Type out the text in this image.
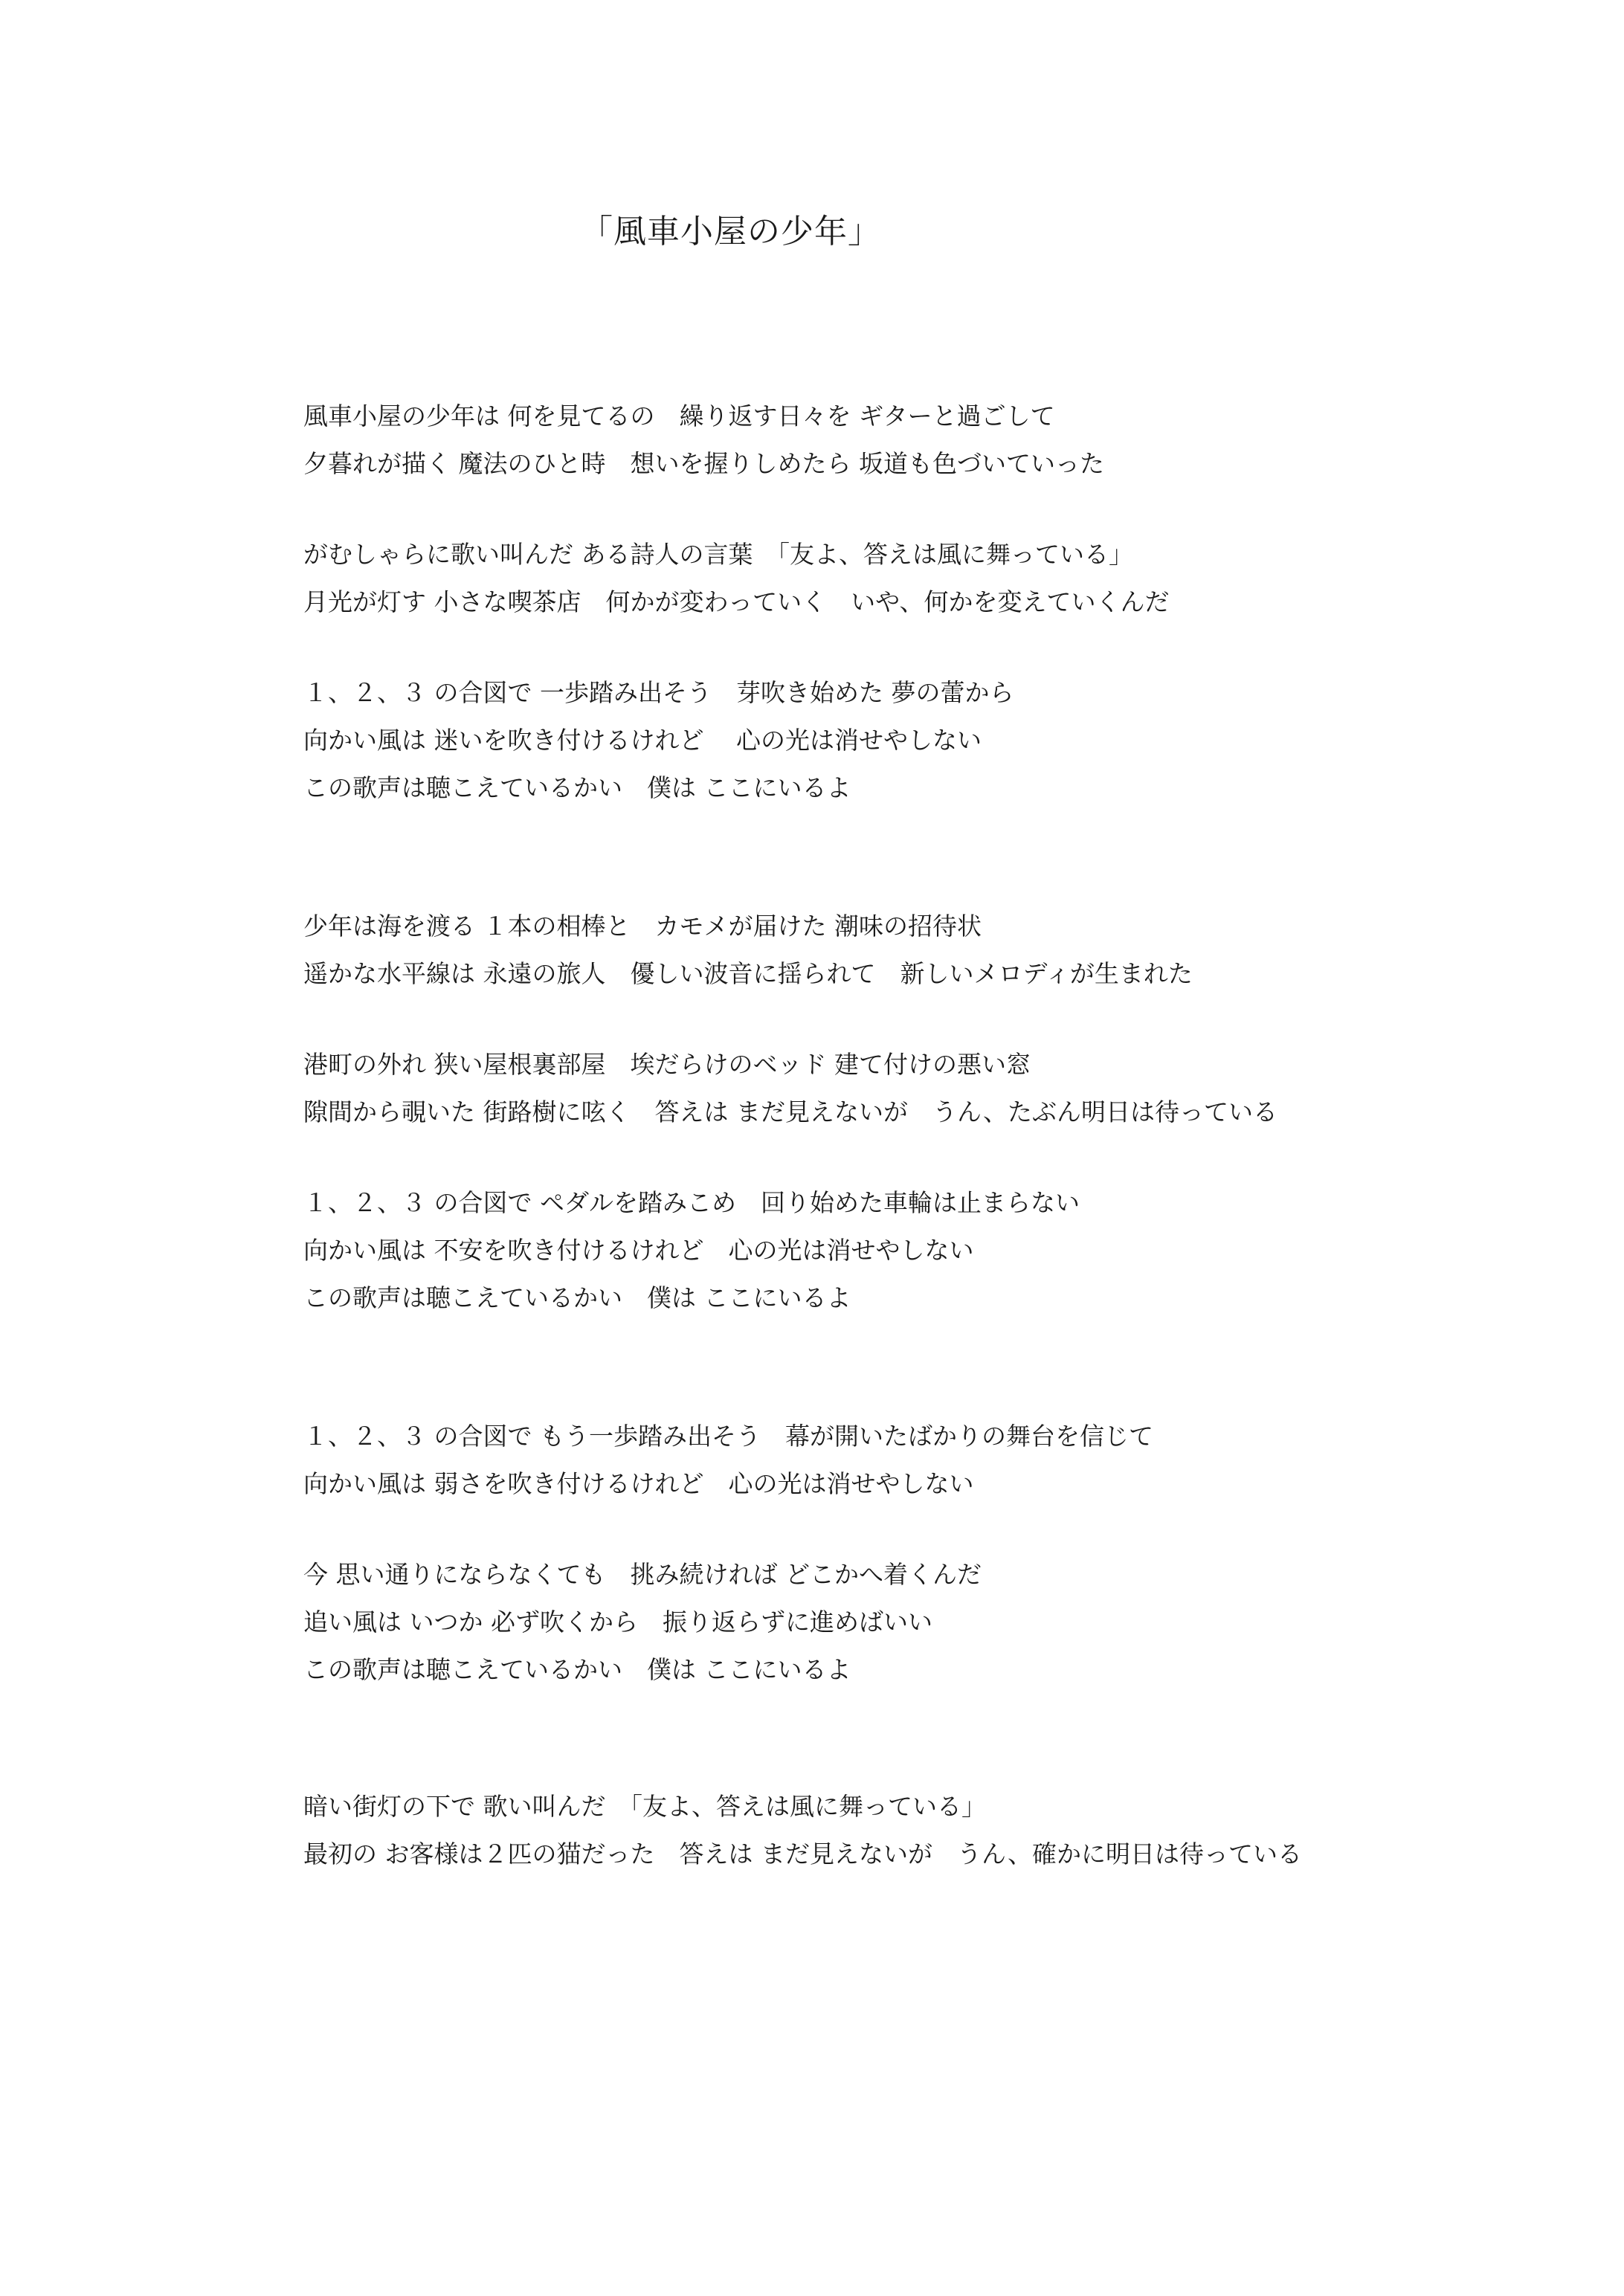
「風車小屋の少年」
風車小屋の少年は 何を見てるの　繰り返す日々を ギターと過ごして
夕暮れが描く 魔法のひと時　想いを握りしめたら 坂道も色づいていった
がむしゃらに歌い叫んだ ある詩人の言葉　「友よ、答えは風に舞っている」
月光が灯す 小さな喫茶店　何かが変わっていく　いや、何かを変えていくんだ
１、２、３ の合図で 一歩踏み出そう　芽吹き始めた 夢の蕾から
向かい風は 迷いを吹き付けるけれど　 心の光は消せやしない
この歌声は聴こえているかい　僕は ここにいるよ
少年は海を渡る １本の相棒と　カモメが届けた 潮味の招待状
遥かな水平線は 永遠の旅人　優しい波音に揺られて　新しいメロディが生まれた
港町の外れ 狭い屋根裏部屋　埃だらけのベッド 建て付けの悪い窓
隙間から覗いた 街路樹に呟く　答えは まだ見えないが　うん、たぶん明日は待っている
１、２、３ の合図で ペダルを踏みこめ　回り始めた車輪は止まらない
向かい風は 不安を吹き付けるけれど　心の光は消せやしない
この歌声は聴こえているかい　僕は ここにいるよ
１、２、３ の合図で もう一歩踏み出そう　幕が開いたばかりの舞台を信じて
向かい風は 弱さを吹き付けるけれど　心の光は消せやしない
今 思い通りにならなくても　挑み続ければ どこかへ着くんだ
追い風は いつか 必ず吹くから　振り返らずに進めばいい
この歌声は聴こえているかい　僕は ここにいるよ
暗い街灯の下で 歌い叫んだ　「友よ、答えは風に舞っている」
最初の お客様は２匹の猫だった　答えは まだ見えないが　うん、確かに明日は待っている
